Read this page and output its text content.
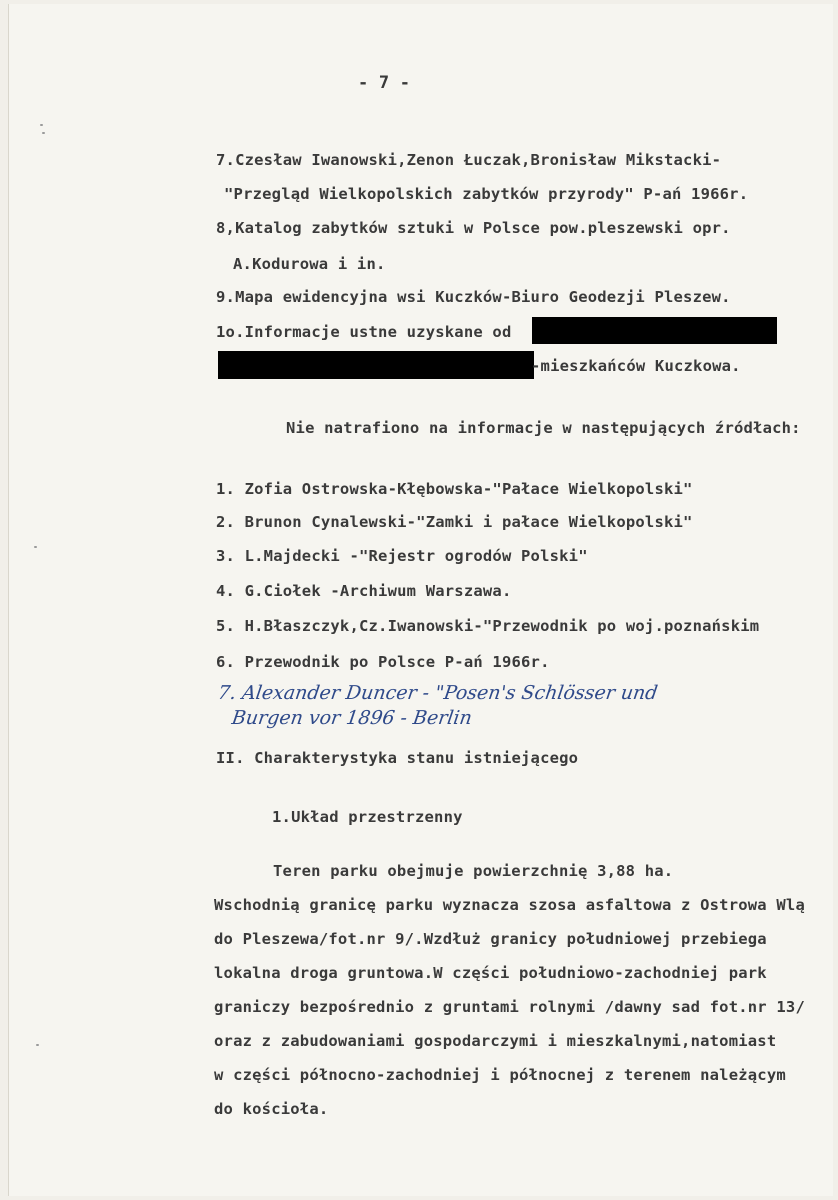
- 7 -
7.Czesław Iwanowski,Zenon Łuczak,Bronisław Mikstacki-
"Przegląd Wielkopolskich zabytków przyrody" P-ań 1966r.
8,Katalog zabytków sztuki w Polsce pow.pleszewski opr.
A.Kodurowa i in.
9.Mapa ewidencyjna wsi Kuczków-Biuro Geodezji Pleszew.
1o.Informacje ustne uzyskane od
-mieszkańców Kuczkowa.
Nie natrafiono na informacje w następujących źródłach:
1. Zofia Ostrowska-Kłębowska-"Pałace Wielkopolski"
2. Brunon Cynalewski-"Zamki i pałace Wielkopolski"
3. L.Majdecki -"Rejestr ogrodów Polski"
4. G.Ciołek -Archiwum Warszawa.
5. H.Błaszczyk,Cz.Iwanowski-"Przewodnik po woj.poznańskim
6. Przewodnik po Polsce P-ań 1966r.
7. Alexander Duncer - "Posen's Schlösser und
Burgen vor 1896 - Berlin
II. Charakterystyka stanu istniejącego
1.Układ przestrzenny
Teren parku obejmuje powierzchnię 3,88 ha.
Wschodnią granicę parku wyznacza szosa asfaltowa z Ostrowa Wlą
do Pleszewa/fot.nr 9/.Wzdłuż granicy południowej przebiega
lokalna droga gruntowa.W części południowo-zachodniej park
graniczy bezpośrednio z gruntami rolnymi /dawny sad fot.nr 13/
oraz z zabudowaniami gospodarczymi i mieszkalnymi,natomiast
w części północno-zachodniej i północnej z terenem należącym
do kościoła.
